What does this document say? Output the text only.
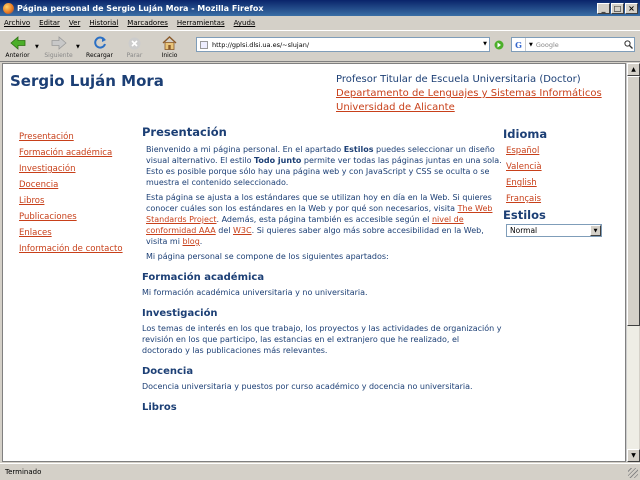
Página personal de Sergio Luján Mora - Mozilla Firefox	_	□ ×
Archivo Editar Ver Historial Marcadores Herramientas Ayuda
Anterior
▼
Siguiente
▼
Recargar Parar	Inicio
http://gplsi.dlsi.ua.es/~slujan/	▼	G	▼ Google
Sergio Luján Mora	Profesor Titular de Escuela Universitaria (Doctor)
Departamento de Lenguajes y Sistemas Informáticos
Universidad de Alicante
Presentación
Formación académica
Investigación
Docencia
Libros
Publicaciones
Enlaces
Información de contacto
Presentación

Bienvenido a mi página personal. En el apartado Estilos puedes seleccionar un diseño visual alternativo. El estilo Todo junto permite ver todas las páginas juntas en una sola. Esto es posible porque sólo hay una página web y con JavaScript y CSS se oculta o se muestra el contenido seleccionado.

Esta página se ajusta a los estándares que se utilizan hoy en día en la Web. Si quieres conocer cuáles son los estándares en la Web y por qué son necesarios, visita The Web Standards Project. Además, esta página también es accesible según el nivel de conformidad AAA del W3C. Si quieres saber algo más sobre accesibilidad en la Web, visita mi blog.

Mi página personal se compone de los siguientes apartados:

Formación académica

Mi formación académica universitaria y no universitaria.

Investigación

Los temas de interés en los que trabajo, los proyectos y las actividades de organización y revisión en los que participo, las estancias en el extranjero que he realizado, el doctorado y las publicaciones más relevantes.

Docencia

Docencia universitaria y puestos por curso académico y docencia no universitaria.

Libros
Idioma
Español
Valencià
English
Français
Estilos
Normal	▼
▲
▼
Terminado
